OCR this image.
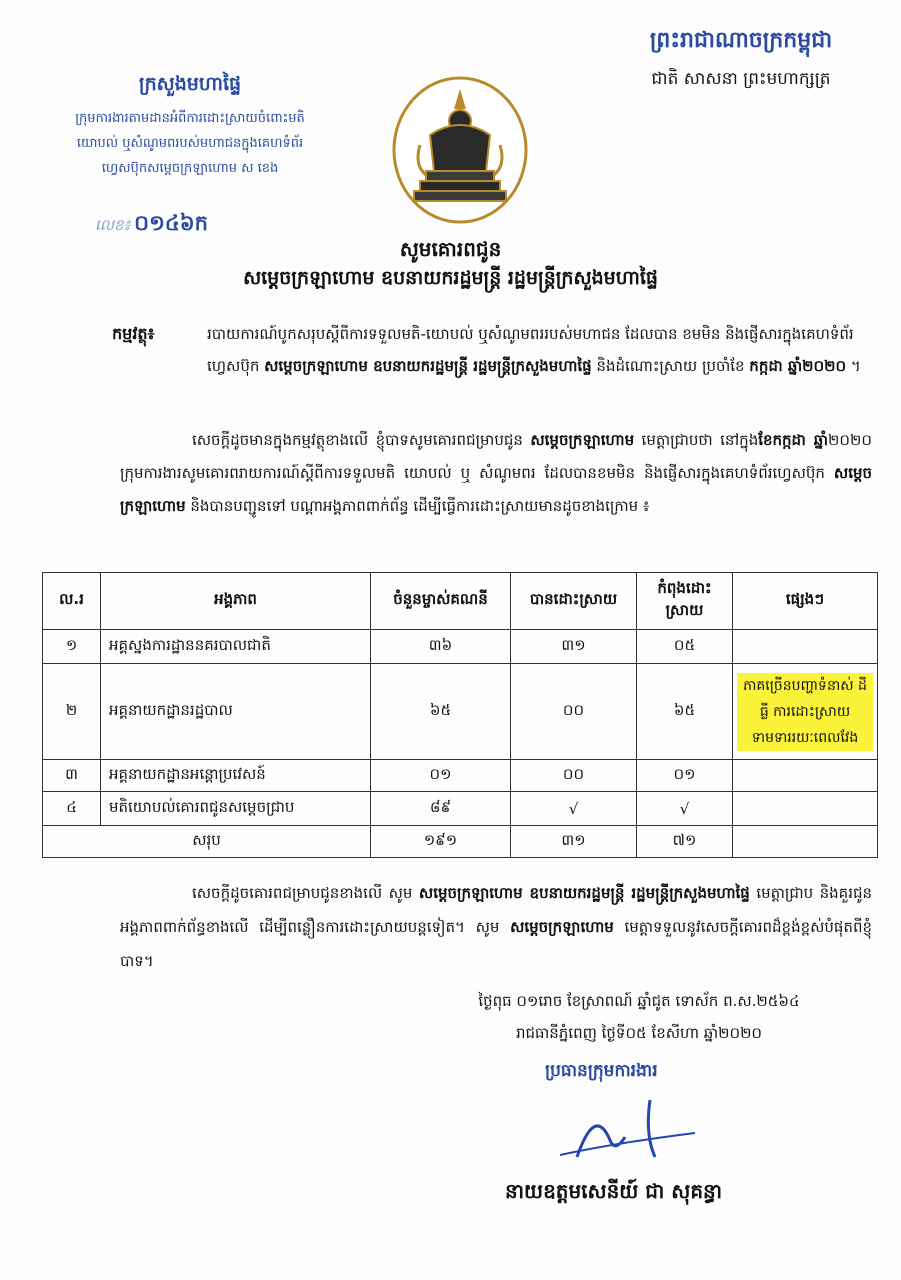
ព្រះរាជាណាចក្រកម្ពុជា
ជាតិ សាសនា ព្រះមហាក្សត្រ
ក្រសួងមហាផ្ទៃ
ក្រុមការងារតាមដានអំពីការដោះស្រាយចំពោះមតិ
យោបល់ ឬសំណូមពរបស់មហាជនក្នុងគេហទំព័រ
ហ្វេសប៊ុកសម្តេចក្រឡាហោម ស ខេង
លេខ៖ ០១៤៦ក
សូមគោរពជូន
សម្តេចក្រឡាហោម ឧបនាយករដ្ឋមន្ត្រី រដ្ឋមន្ត្រីក្រសួងមហាផ្ទៃ
កម្មវត្ថុ៖	របាយការណ៍បូកសរុបស្តីពីការទទួលមតិ-យោបល់ ឬសំណូមពររបស់មហាជន ដែលបាន ខមមិន និងផ្ញើសារក្នុងគេហទំព័រហ្វេសប៊ុក សម្តេចក្រឡាហោម ឧបនាយករដ្ឋមន្ត្រី រដ្ឋមន្ត្រីក្រសួងមហាផ្ទៃ និងដំណោះស្រាយ ប្រចាំខែ កក្កដា ឆ្នាំ២០២០ ។
សេចក្តីដូចមានក្នុងកម្មវត្ថុខាងលើ ខ្ញុំបាទសូមគោរពជម្រាបជូន សម្តេចក្រឡាហោម មេត្តាជ្រាបថា នៅក្នុងខែកក្កដា ឆ្នាំ២០២០ ក្រុមការងារសូមគោរពរាយការណ៍ស្តីពីការទទួលមតិ យោបល់ ឬ សំណូមពរ ដែលបានខមមិន និងផ្ញើសារក្នុងគេហទំព័រហ្វេសប៊ុក សម្តេចក្រឡាហោម និងបានបញ្ជូនទៅ បណ្តាអង្គភាពពាក់ព័ន្ធ ដើម្បីធ្វើការដោះស្រាយមានដូចខាងក្រោម ៖
ល.រ	អង្គភាព	ចំនួនម្ចាស់គណនី	បានដោះស្រាយ	កំពុងដោះស្រាយ	ផ្សេងៗ
១	អគ្គស្នងការដ្ឋាននគរបាលជាតិ	៣៦	៣១	០៥	
២	អគ្គនាយកដ្ឋានរដ្ឋបាល	៦៥	០០	៦៥	ភាគច្រើនបញ្ហាទំនាស់ ដីធ្លី ការដោះស្រាយ ទាមទាររយៈពេលវែង
៣	អគ្គនាយកដ្ឋានអន្តោប្រវេសន៍	០១	០០	០១	
៤	មតិយោបល់គោរពជូនសម្តេចជ្រាប	៨៩	√	√	
សរុប		១៩១	៣១	៧១	
សេចក្តីដូចគោរពជម្រាបជូនខាងលើ សូម សម្តេចក្រឡាហោម ឧបនាយករដ្ឋមន្ត្រី រដ្ឋមន្ត្រីក្រសួងមហាផ្ទៃ មេត្តាជ្រាប និងគួរជូនអង្គភាពពាក់ព័ន្ធខាងលើ ដើម្បីពន្លឿនការដោះស្រាយបន្តទៀត។ សូម សម្តេចក្រឡាហោម មេត្តាទទួលនូវសេចក្តីគោរពដ៏ខ្ពង់ខ្ពស់បំផុតពីខ្ញុំបាទ។
ថ្ងៃពុធ ០១រោច ខែស្រាពណ៍ ឆ្នាំជូត ទោស័ក ព.ស.២៥៦៤
រាជធានីភ្នំពេញ ថ្ងៃទី០៥ ខែសីហា ឆ្នាំ២០២០
ប្រធានក្រុមការងារ
នាយឧត្តមសេនីយ៍ ជា សុគន្ធា
